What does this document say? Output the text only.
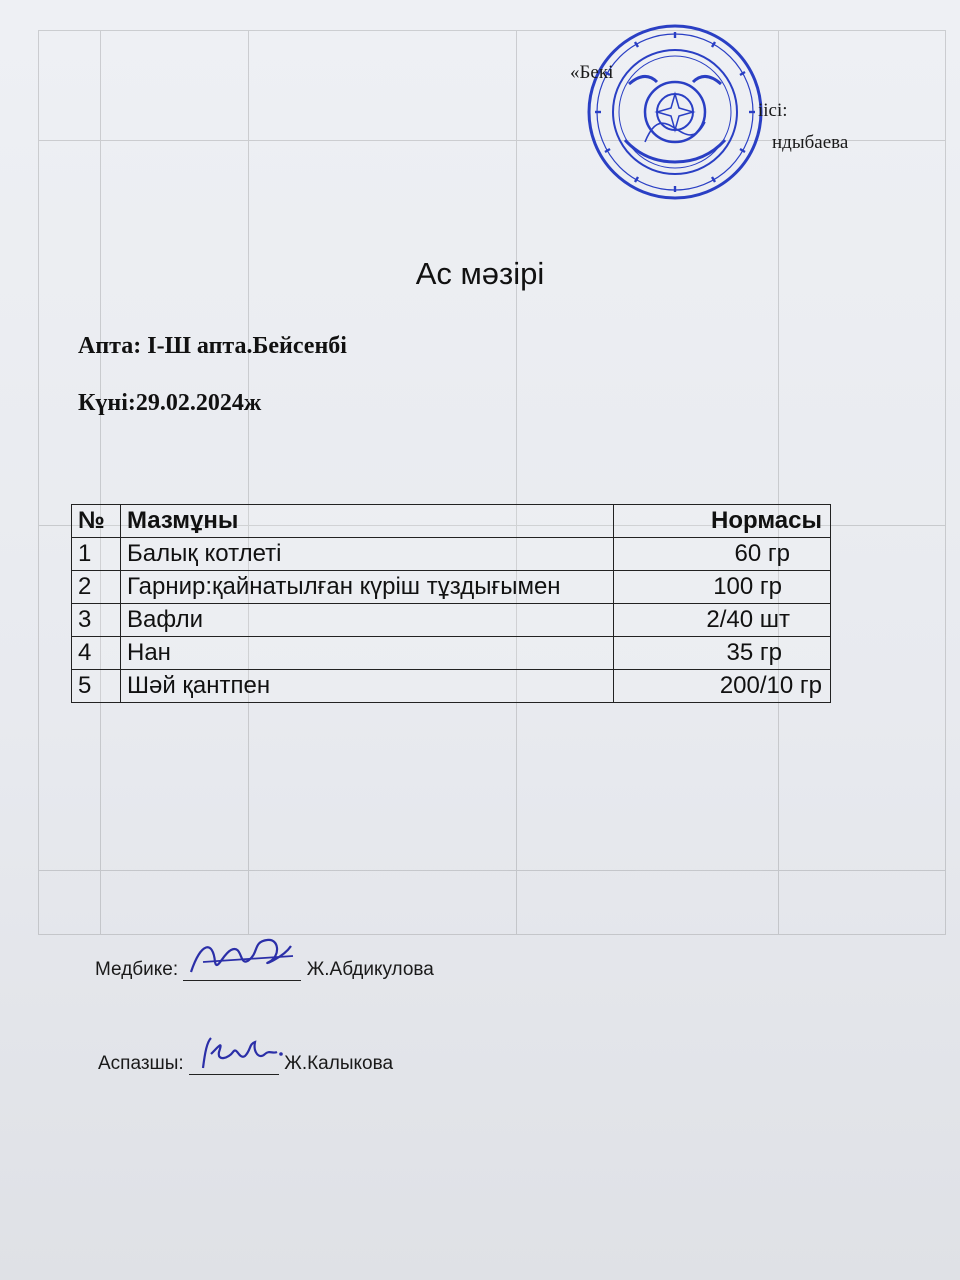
«Бекі
іісі:
ндыбаева
Ас мәзірі
Апта: І-Ш апта.Бейсенбі
Күні:29.02.2024ж
№	Мазмұны	Нормасы
1	Балық котлеті	60 гр
2	Гарнир:қайнатылған күріш тұздығымен	100 гр
3	Вафли	2/40 шт
4	Нан	35 гр
5	Шәй қантпен	200/10 гр
Медбике:	Ж.Абдикулова
Аспазшы:	Ж.Калыкова
